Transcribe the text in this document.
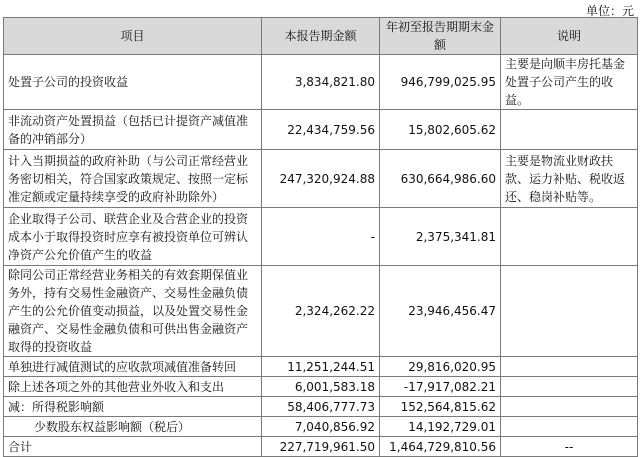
单位：元
项目	本报告期金额	年初至报告期期末金额	说明
处置子公司的投资收益	3,834,821.80	946,799,025.95	主要是向顺丰房托基金处置子公司产生的收益。
非流动资产处置损益（包括已计提资产减值准备的冲销部分）	22,434,759.56	15,802,605.62	
计入当期损益的政府补助（与公司正常经营业务密切相关，符合国家政策规定、按照一定标准定额或定量持续享受的政府补助除外）	247,320,924.88	630,664,986.60	主要是物流业财政扶款、运力补贴、税收返还、稳岗补贴等。
企业取得子公司、联营企业及合营企业的投资成本小于取得投资时应享有被投资单位可辨认净资产公允价值产生的收益	-	2,375,341.81	
除同公司正常经营业务相关的有效套期保值业务外，持有交易性金融资产、交易性金融负债产生的公允价值变动损益，以及处置交易性金融资产、交易性金融负债和可供出售金融资产取得的投资收益	2,324,262.22	23,946,456.47	
单独进行减值测试的应收款项减值准备转回	11,251,244.51	29,816,020.95	
除上述各项之外的其他营业外收入和支出	6,001,583.18	-17,917,082.21	
减：所得税影响额	58,406,777.73	152,564,815.62	
少数股东权益影响额（税后）	7,040,856.92	14,192,729.01	
合计	227,719,961.50	1,464,729,810.56	--
